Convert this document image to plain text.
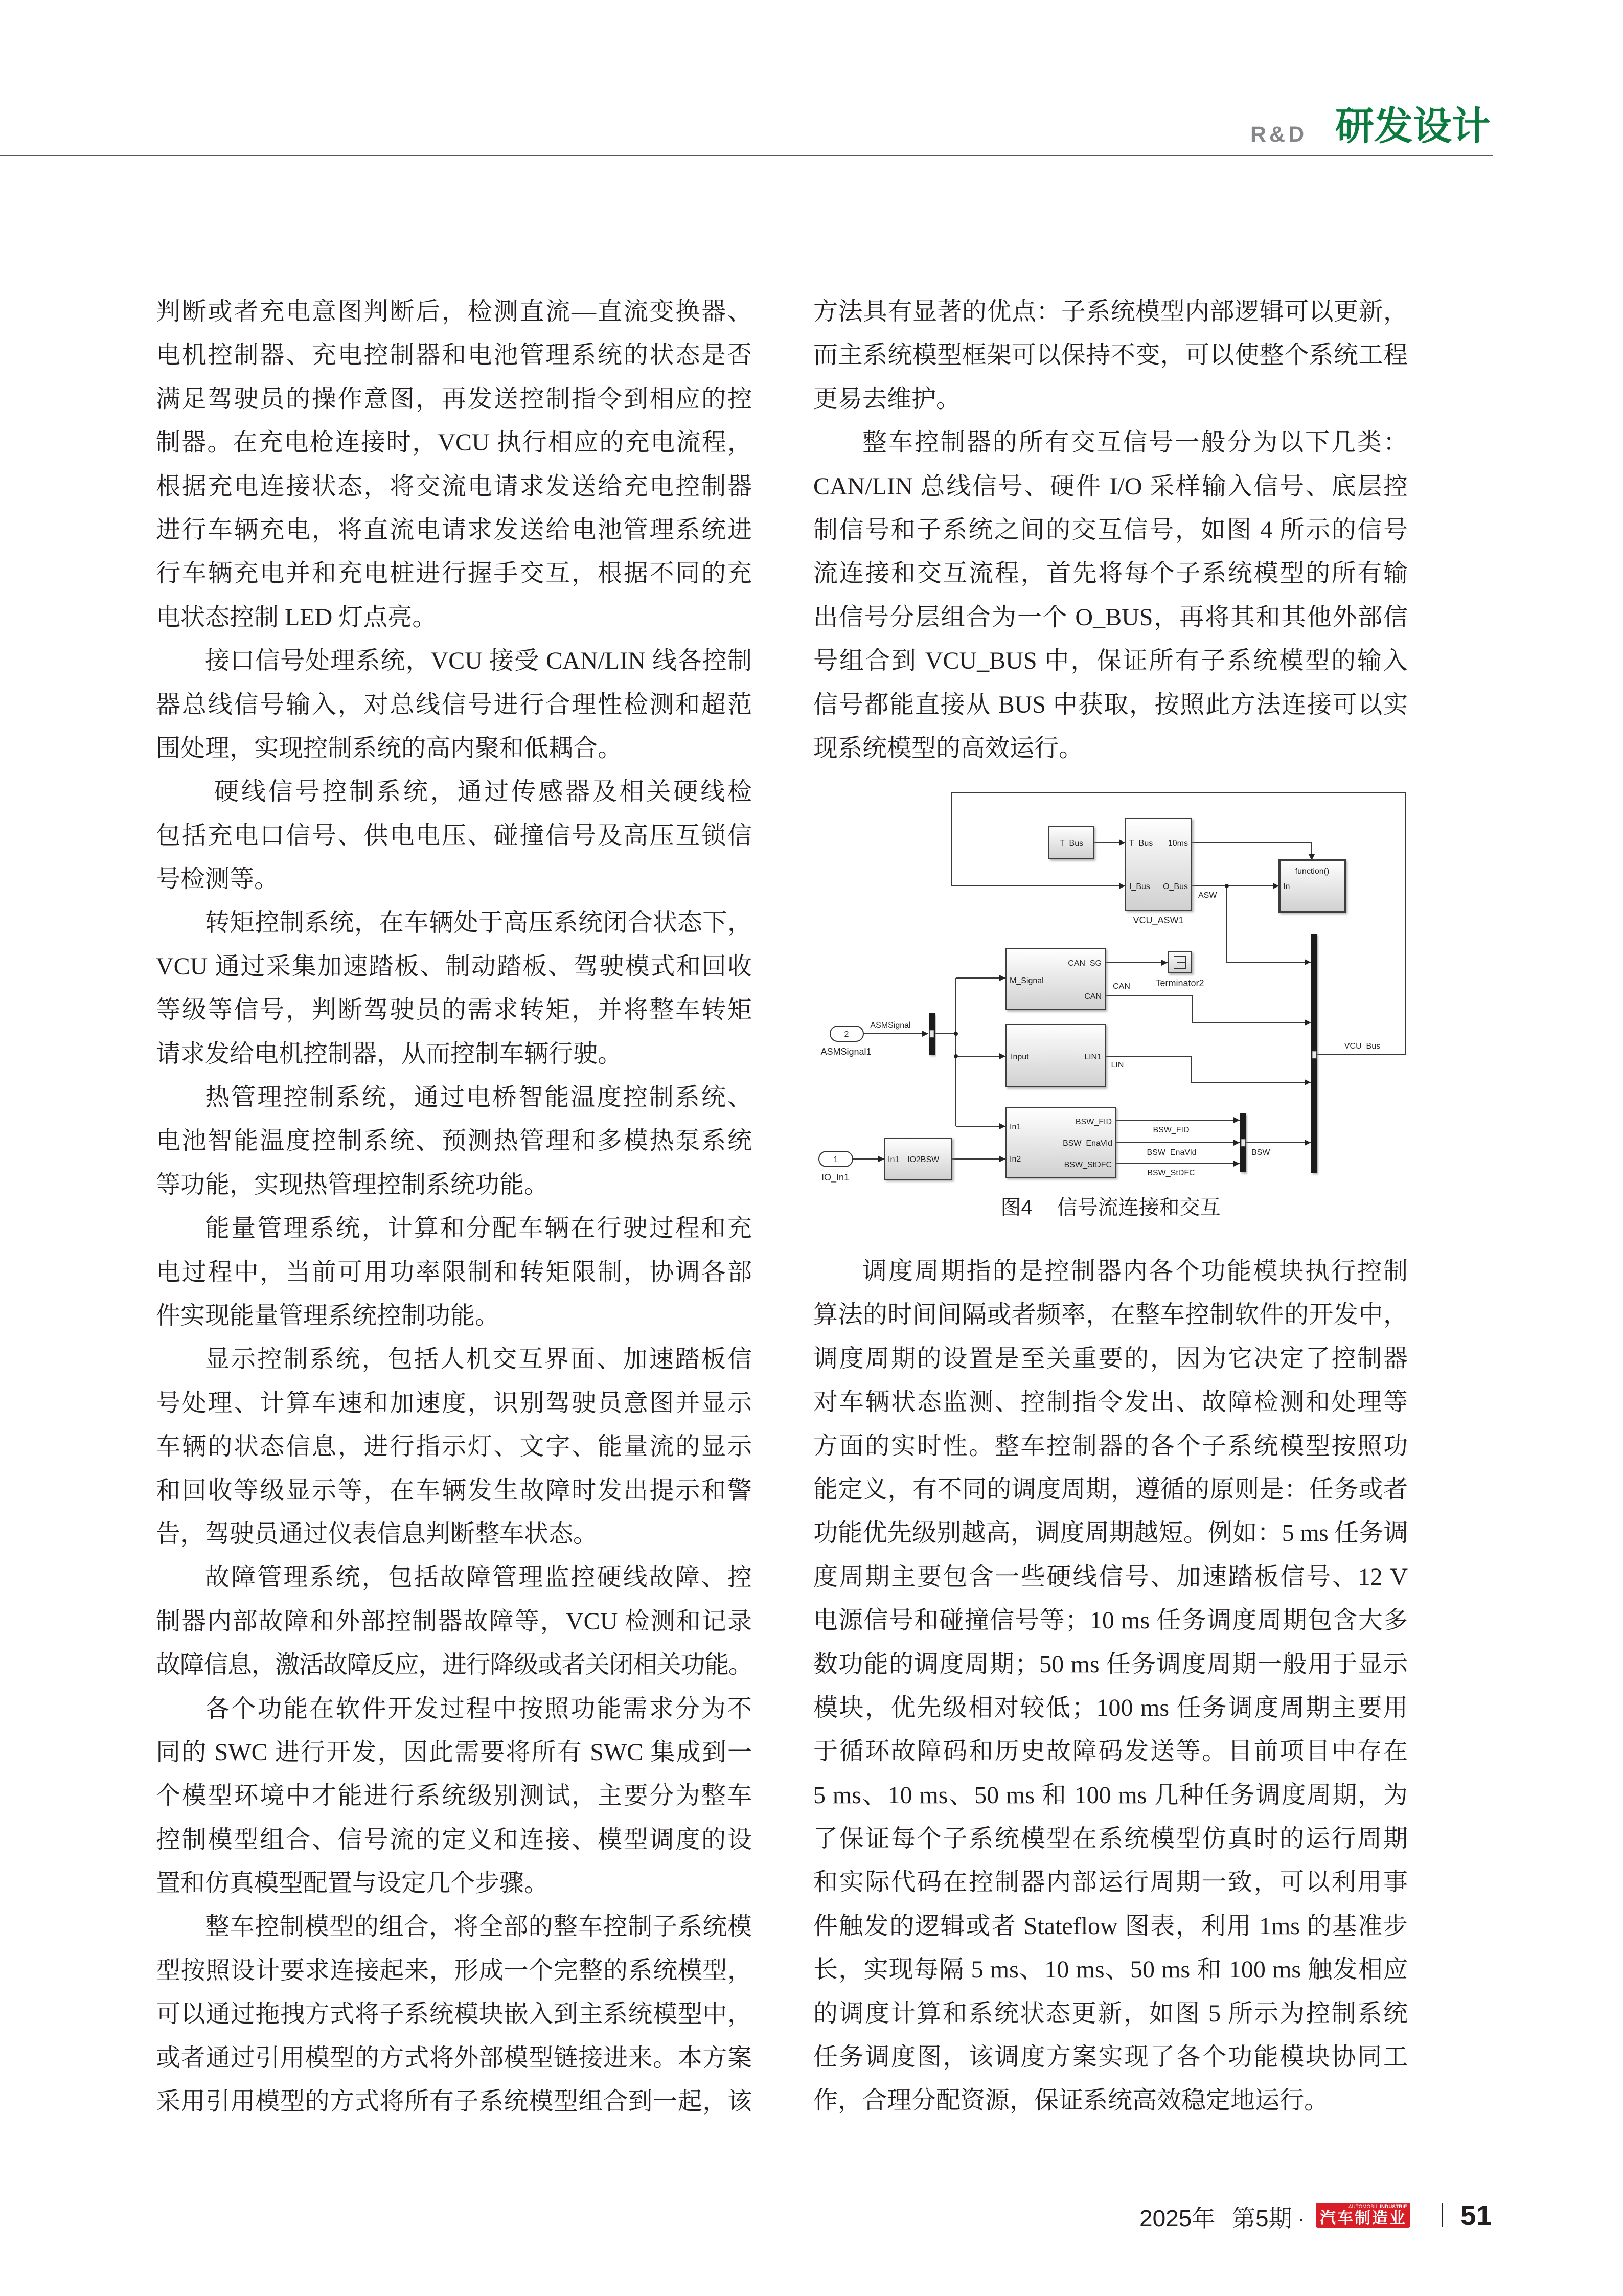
R&D 研发设计
判断或者充电意图判断后，检测直流—直流变换器、
电机控制器、充电控制器和电池管理系统的状态是否
满足驾驶员的操作意图，再发送控制指令到相应的控
制器。在充电枪连接时，VCU 执行相应的充电流程，
根据充电连接状态，将交流电请求发送给充电控制器
进行车辆充电，将直流电请求发送给电池管理系统进
行车辆充电并和充电桩进行握手交互，根据不同的充
电状态控制 LED 灯点亮。
接口信号处理系统，VCU 接受 CAN/LIN 线各控制
器总线信号输入，对总线信号进行合理性检测和超范
围处理，实现控制系统的高内聚和低耦合。
硬线信号控制系统，通过传感器及相关硬线检
包括充电口信号、供电电压、碰撞信号及高压互锁信
号检测等。
转矩控制系统，在车辆处于高压系统闭合状态下，
VCU 通过采集加速踏板、制动踏板、驾驶模式和回收
等级等信号，判断驾驶员的需求转矩，并将整车转矩
请求发给电机控制器，从而控制车辆行驶。
热管理控制系统，通过电桥智能温度控制系统、
电池智能温度控制系统、预测热管理和多模热泵系统
等功能，实现热管理控制系统功能。
能量管理系统，计算和分配车辆在行驶过程和充
电过程中，当前可用功率限制和转矩限制，协调各部
件实现能量管理系统控制功能。
显示控制系统，包括人机交互界面、加速踏板信
号处理、计算车速和加速度，识别驾驶员意图并显示
车辆的状态信息，进行指示灯、文字、能量流的显示
和回收等级显示等，在车辆发生故障时发出提示和警
告，驾驶员通过仪表信息判断整车状态。
故障管理系统，包括故障管理监控硬线故障、控
制器内部故障和外部控制器故障等，VCU 检测和记录
故障信息，激活故障反应，进行降级或者关闭相关功能。
各个功能在软件开发过程中按照功能需求分为不
同的 SWC 进行开发，因此需要将所有 SWC 集成到一
个模型环境中才能进行系统级别测试，主要分为整车
控制模型组合、信号流的定义和连接、模型调度的设
置和仿真模型配置与设定几个步骤。
整车控制模型的组合，将全部的整车控制子系统模
型按照设计要求连接起来，形成一个完整的系统模型，
可以通过拖拽方式将子系统模块嵌入到主系统模型中，
或者通过引用模型的方式将外部模型链接进来。本方案
采用引用模型的方式将所有子系统模型组合到一起，该
方法具有显著的优点：子系统模型内部逻辑可以更新，
而主系统模型框架可以保持不变，可以使整个系统工程
更易去维护。
整车控制器的所有交互信号一般分为以下几类：
CAN/LIN 总线信号、硬件 I/O 采样输入信号、底层控
制信号和子系统之间的交互信号，如图 4 所示的信号
流连接和交互流程，首先将每个子系统模型的所有输
出信号分层组合为一个 O_BUS，再将其和其他外部信
号组合到 VCU_BUS 中，保证所有子系统模型的输入
信号都能直接从 BUS 中获取，按照此方法连接可以实
现系统模型的高效运行。
T_Bus	T_Bus
I_Bus
10ms
O_Bus
VCU_ASW1
function()
In
M_Signal
CAN_SG
CAN
Terminator2
Input	LIN1
In1
In2
BSW_FID
BSW_EnaVld
BSW_StDFC
In1 IO2BSW
2
ASMSignal1
1
IO_In1
ASW
CAN
LIN
BSW_FID
BSW_EnaVld
BSW_StDFC
BSW
VCU_Bus
ASMSignal
图4 信号流连接和交互
调度周期指的是控制器内各个功能模块执行控制
算法的时间间隔或者频率，在整车控制软件的开发中，
调度周期的设置是至关重要的，因为它决定了控制器
对车辆状态监测、控制指令发出、故障检测和处理等
方面的实时性。整车控制器的各个子系统模型按照功
能定义，有不同的调度周期，遵循的原则是：任务或者
功能优先级别越高，调度周期越短。例如：5 ms 任务调
度周期主要包含一些硬线信号、加速踏板信号、12 V
电源信号和碰撞信号等；10 ms 任务调度周期包含大多
数功能的调度周期；50 ms 任务调度周期一般用于显示
模块，优先级相对较低；100 ms 任务调度周期主要用
于循环故障码和历史故障码发送等。目前项目中存在
5 ms、10 ms、50 ms 和 100 ms 几种任务调度周期，为
了保证每个子系统模型在系统模型仿真时的运行周期
和实际代码在控制器内部运行周期一致，可以利用事
件触发的逻辑或者 Stateflow 图表，利用 1ms 的基准步
长，实现每隔 5 ms、10 ms、50 ms 和 100 ms 触发相应
的调度计算和系统状态更新，如图 5 所示为控制系统
任务调度图，该调度方案实现了各个功能模块协同工
作，合理分配资源，保证系统高效稳定地运行。
2025年 第5期 ·	AUTOMOBIL INDUSTRIE
汽车制造业 51
